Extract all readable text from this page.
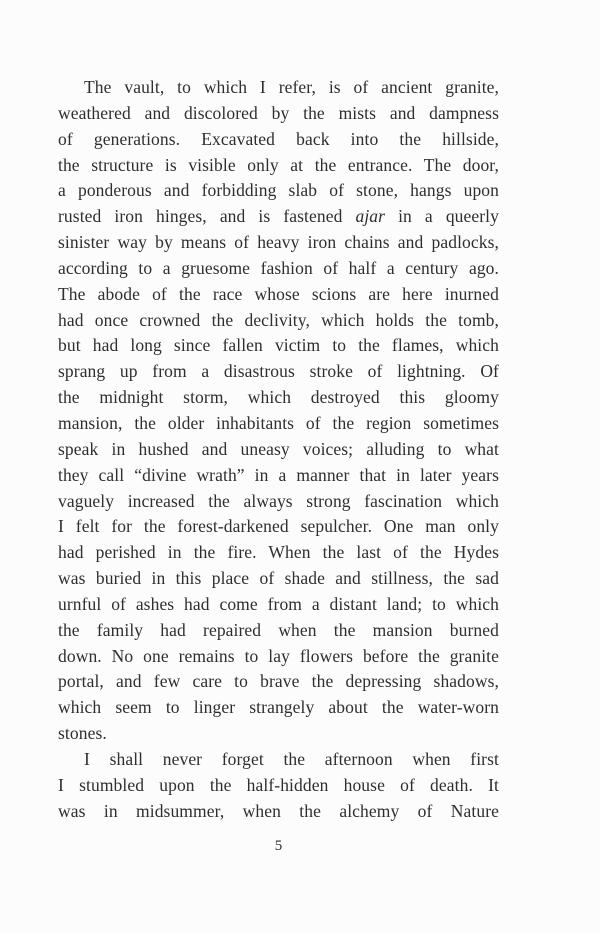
The vault, to which I refer, is of ancient granite,
weathered and discolored by the mists and dampness
of generations. Excavated back into the hillside,
the structure is visible only at the entrance. The door,
a ponderous and forbidding slab of stone, hangs upon
rusted iron hinges, and is fastened ajar in a queerly
sinister way by means of heavy iron chains and padlocks,
according to a gruesome fashion of half a century ago.
The abode of the race whose scions are here inurned
had once crowned the declivity, which holds the tomb,
but had long since fallen victim to the flames, which
sprang up from a disastrous stroke of lightning. Of
the midnight storm, which destroyed this gloomy
mansion, the older inhabitants of the region sometimes
speak in hushed and uneasy voices; alluding to what
they call “divine wrath” in a manner that in later years
vaguely increased the always strong fascination which
I felt for the forest-darkened sepulcher. One man only
had perished in the fire. When the last of the Hydes
was buried in this place of shade and stillness, the sad
urnful of ashes had come from a distant land; to which
the family had repaired when the mansion burned
down. No one remains to lay flowers before the granite
portal, and few care to brave the depressing shadows,
which seem to linger strangely about the water-worn
stones.
I shall never forget the afternoon when first
I stumbled upon the half-hidden house of death. It
was in midsummer, when the alchemy of Nature
5
